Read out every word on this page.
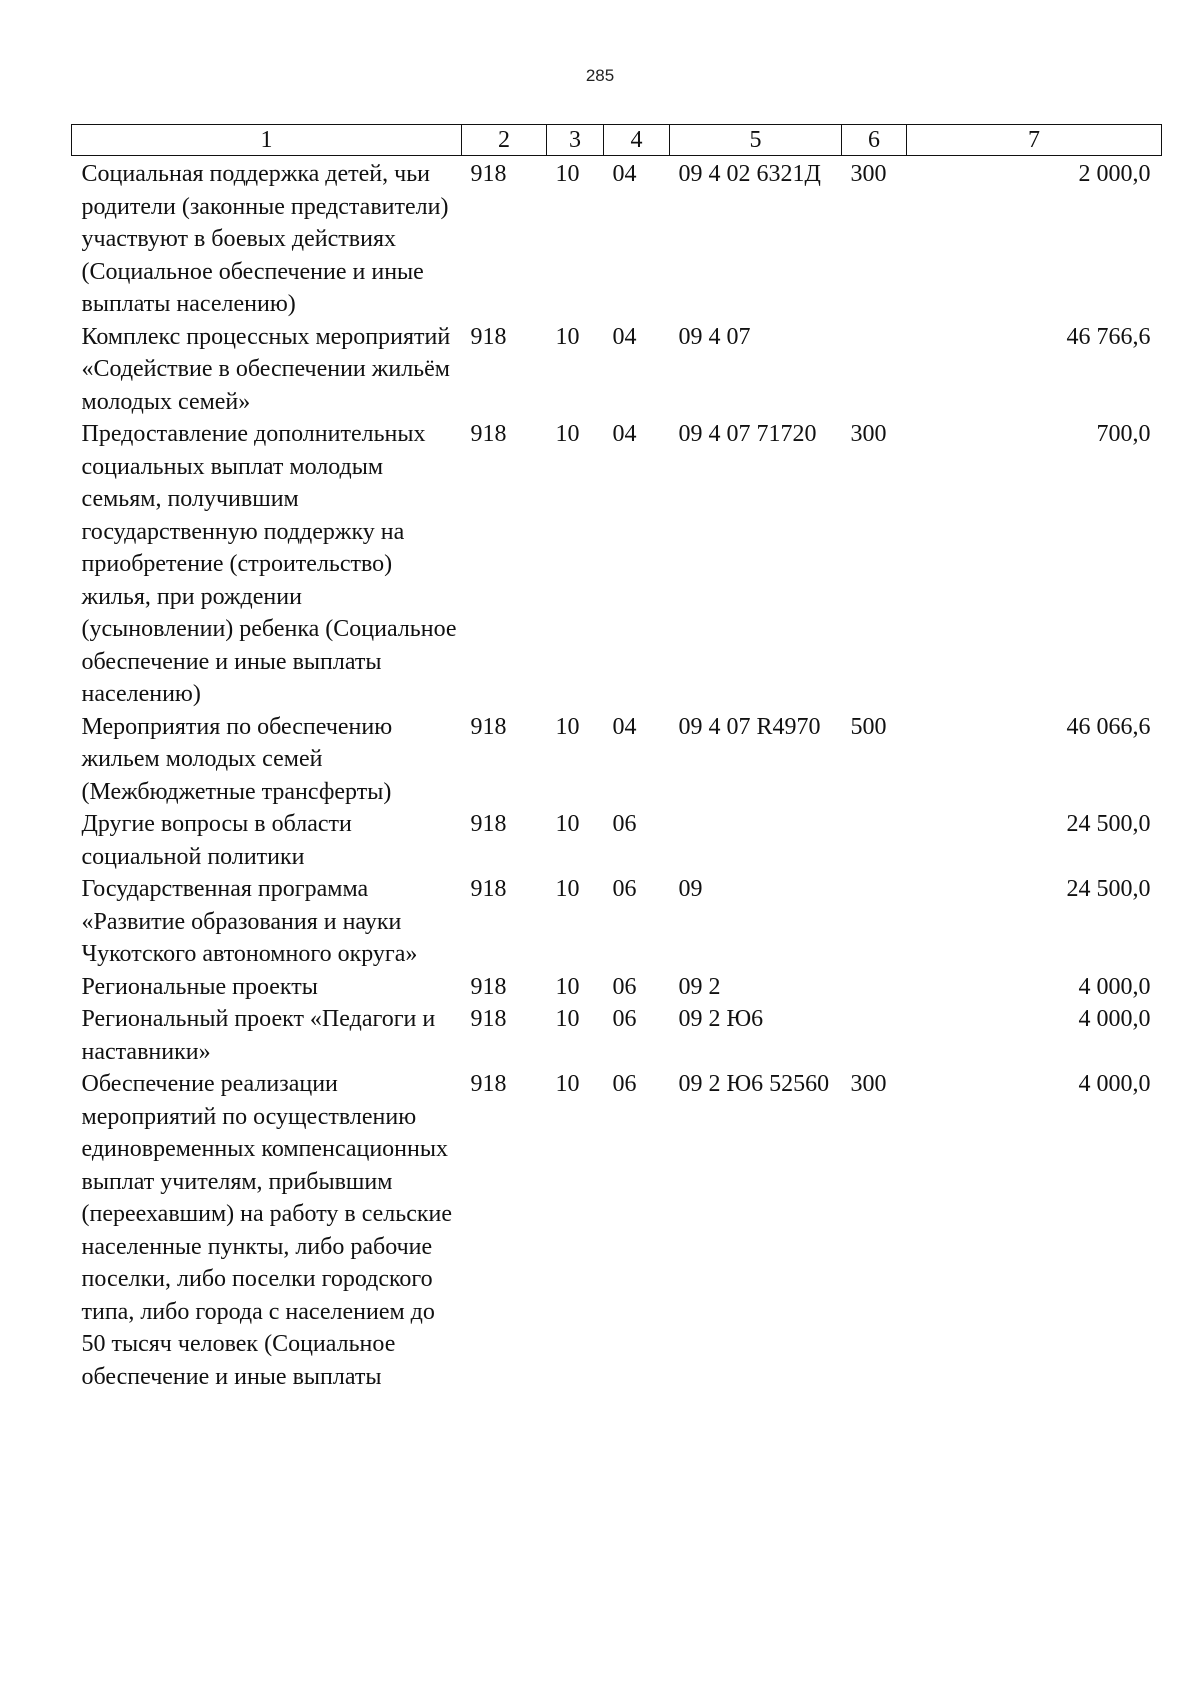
285
1	2	3	4	5	6	7
Социальная поддержка детей, чьи родители (законные представители) участвуют в боевых действиях (Социальное обеспечение и иные выплаты населению)	918	10	04	09 4 02 6321Д	300	2 000,0
Комплекс процессных мероприятий «Содействие в обеспечении жильём молодых семей»	918	10	04	09 4 07		46 766,6
Предоставление дополнительных социальных выплат молодым семьям, получившим государственную поддержку на приобретение (строительство) жилья, при рождении (усыновлении) ребенка (Социальное обеспечение и иные выплаты населению)	918	10	04	09 4 07 71720	300	700,0
Мероприятия по обеспечению жильем молодых семей (Межбюджетные трансферты)	918	10	04	09 4 07 R4970	500	46 066,6
Другие вопросы в области социальной политики	918	10	06			24 500,0
Государственная программа «Развитие образования и науки Чукотского автономного округа»	918	10	06	09		24 500,0
Региональные проекты	918	10	06	09 2		4 000,0
Региональный проект «Педагоги и наставники»	918	10	06	09 2 Ю6		4 000,0
Обеспечение реализации мероприятий по осуществлению единовременных компенсационных выплат учителям, прибывшим (переехавшим) на работу в сельские населенные пункты, либо рабочие поселки, либо поселки городского типа, либо города с населением до 50 тысяч человек (Социальное обеспечение и иные выплаты	918	10	06	09 2 Ю6 52560	300	4 000,0
